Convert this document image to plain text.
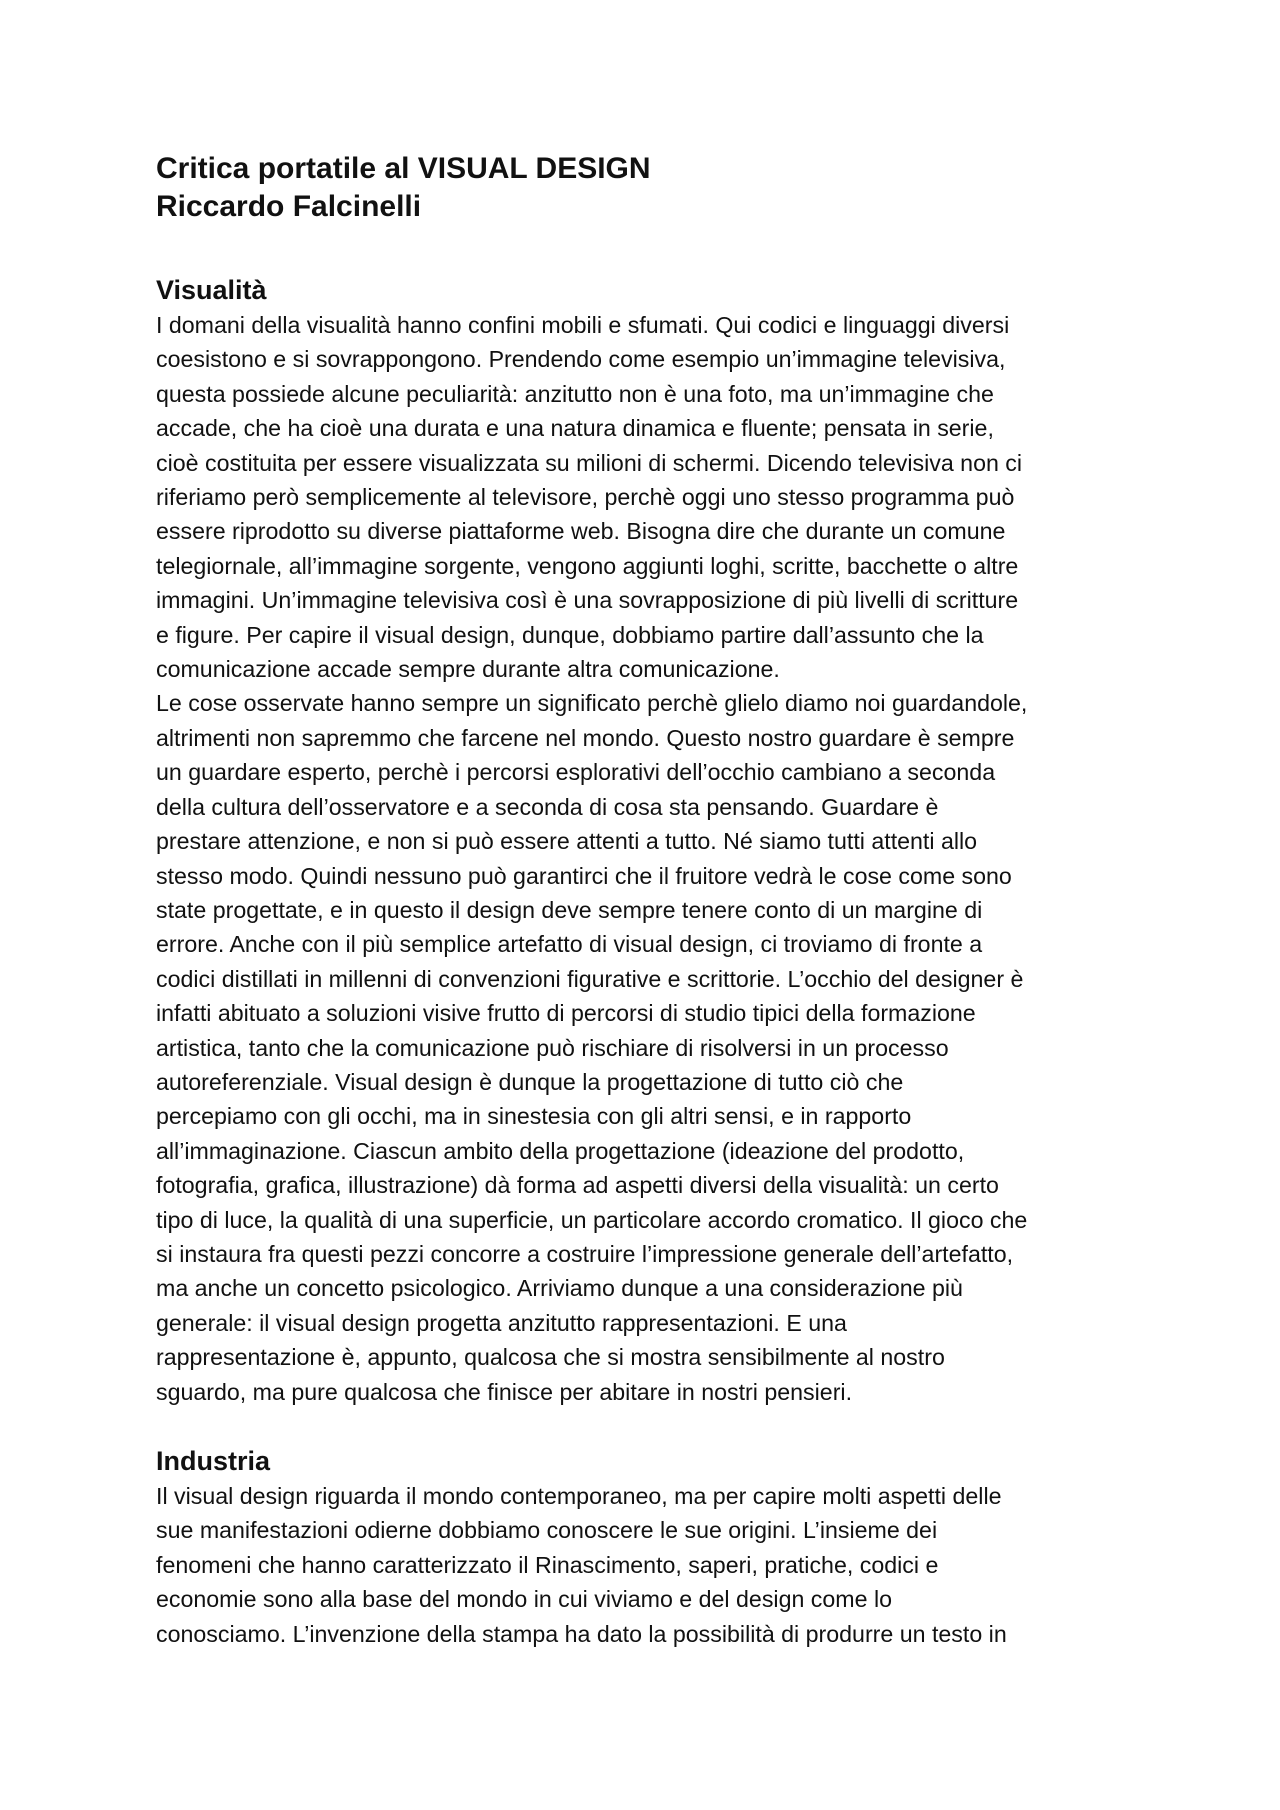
Critica portatile al VISUAL DESIGN
Riccardo Falcinelli
Visualità

I domani della visualità hanno confini mobili e sfumati. Qui codici e linguaggi diversi
coesistono e si sovrappongono. Prendendo come esempio un’immagine televisiva,
questa possiede alcune peculiarità: anzitutto non è una foto, ma un’immagine che
accade, che ha cioè una durata e una natura dinamica e fluente; pensata in serie,
cioè costituita per essere visualizzata su milioni di schermi. Dicendo televisiva non ci
riferiamo però semplicemente al televisore, perchè oggi uno stesso programma può
essere riprodotto su diverse piattaforme web. Bisogna dire che durante un comune
telegiornale, all’immagine sorgente, vengono aggiunti loghi, scritte, bacchette o altre
immagini. Un’immagine televisiva così è una sovrapposizione di più livelli di scritture
e figure. Per capire il visual design, dunque, dobbiamo partire dall’assunto che la
comunicazione accade sempre durante altra comunicazione.

Le cose osservate hanno sempre un significato perchè glielo diamo noi guardandole,
altrimenti non sapremmo che farcene nel mondo. Questo nostro guardare è sempre
un guardare esperto, perchè i percorsi esplorativi dell’occhio cambiano a seconda
della cultura dell’osservatore e a seconda di cosa sta pensando. Guardare è
prestare attenzione, e non si può essere attenti a tutto. Né siamo tutti attenti allo
stesso modo. Quindi nessuno può garantirci che il fruitore vedrà le cose come sono
state progettate, e in questo il design deve sempre tenere conto di un margine di
errore. Anche con il più semplice artefatto di visual design, ci troviamo di fronte a
codici distillati in millenni di convenzioni figurative e scrittorie. L’occhio del designer è
infatti abituato a soluzioni visive frutto di percorsi di studio tipici della formazione
artistica, tanto che la comunicazione può rischiare di risolversi in un processo
autoreferenziale. Visual design è dunque la progettazione di tutto ciò che
percepiamo con gli occhi, ma in sinestesia con gli altri sensi, e in rapporto
all’immaginazione. Ciascun ambito della progettazione (ideazione del prodotto,
fotografia, grafica, illustrazione) dà forma ad aspetti diversi della visualità: un certo
tipo di luce, la qualità di una superficie, un particolare accordo cromatico. Il gioco che
si instaura fra questi pezzi concorre a costruire l’impressione generale dell’artefatto,
ma anche un concetto psicologico. Arriviamo dunque a una considerazione più
generale: il visual design progetta anzitutto rappresentazioni. E una
rappresentazione è, appunto, qualcosa che si mostra sensibilmente al nostro
sguardo, ma pure qualcosa che finisce per abitare in nostri pensieri.

Industria

Il visual design riguarda il mondo contemporaneo, ma per capire molti aspetti delle
sue manifestazioni odierne dobbiamo conoscere le sue origini. L’insieme dei
fenomeni che hanno caratterizzato il Rinascimento, saperi, pratiche, codici e
economie sono alla base del mondo in cui viviamo e del design come lo
conosciamo. L’invenzione della stampa ha dato la possibilità di produrre un testo in
